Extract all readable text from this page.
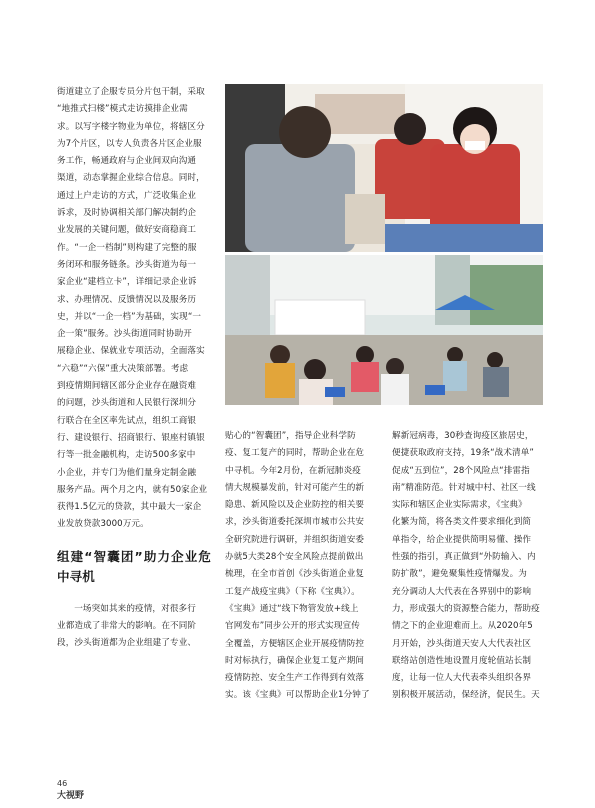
街道建立了企服专员分片包干制，采取

“地推式扫楼”模式走访摸排企业需

求。以写字楼字物业为单位，将辖区分

为7个片区，以专人负责各片区企业服

务工作，畅通政府与企业间双向沟通

渠道，动态掌握企业综合信息。同时，

通过上户走访的方式，广泛收集企业

诉求，及时协调相关部门解决制约企

业发展的关键问题，做好安商稳商工

作。“一企一档制”则构建了完整的服

务闭环和服务链条。沙头街道为每一

家企业“建档立卡”，详细记录企业诉

求、办理情况、反馈情况以及服务历

史，并以“一企一档”为基础，实现“一

企一策”服务。沙头街道同时协助开

展稳企业、保就业专项活动，全面落实

“六稳”“六保”重大决策部署。考虑

到疫情期间辖区部分企业存在融资难

的问题，沙头街道和人民银行深圳分

行联合在全区率先试点，组织工商银

行、建设银行、招商银行、银座村镇银

行等一批金融机构，走访500多家中

小企业，并专门为他们量身定制金融

服务产品。两个月之内，就有50家企业

获得1.5亿元的贷款，其中最大一家企

业发放贷款3000万元。

组建“智囊团”助力企业危中寻机

一场突如其来的疫情，对很多行

业都造成了非常大的影响。在不同阶

段，沙头街道都为企业组建了专业、

贴心的“智囊团”，指导企业科学防

疫、复工复产的同时，帮助企业在危

中寻机。今年2月份，在新冠肺炎疫

情大规模暴发前，针对可能产生的新

隐患、新风险以及企业防控的相关要

求，沙头街道委托深圳市城市公共安

全研究院进行调研，并组织街道安委

办就5大类28个安全风险点提前做出

梳理，在全市首创《沙头街道企业复

工复产战疫宝典》（下称《宝典》）。

《宝典》通过“线下物管发放+线上

官网发布”同步公开的形式实现宣传

全覆盖，方便辖区企业开展疫情防控

时对标执行，确保企业复工复产期间

疫情防控、安全生产工作得到有效落

实。该《宝典》可以帮助企业1分钟了

解新冠病毒，30秒查询疫区旅居史，

便捷获取政府支持，19条“战术清单”

促成“五到位”，28个风险点“排雷指

南”精准防范。针对城中村、社区一线

实际和辖区企业实际需求，《宝典》

化繁为简，将各类文件要求细化到简

单指令，给企业提供简明易懂、操作

性强的指引，真正做到“外防输入、内

防扩散”，避免聚集性疫情爆发。为

充分调动人大代表在各界别中的影响

力，形成强大的资源整合能力，帮助疫

情之下的企业迎难而上。从2020年5

月开始，沙头街道天安人大代表社区

联络站创造性地设置月度轮值站长制

度，让每一位人大代表牵头组织各界

别积极开展活动，保经济，促民生。天

46
大视野
